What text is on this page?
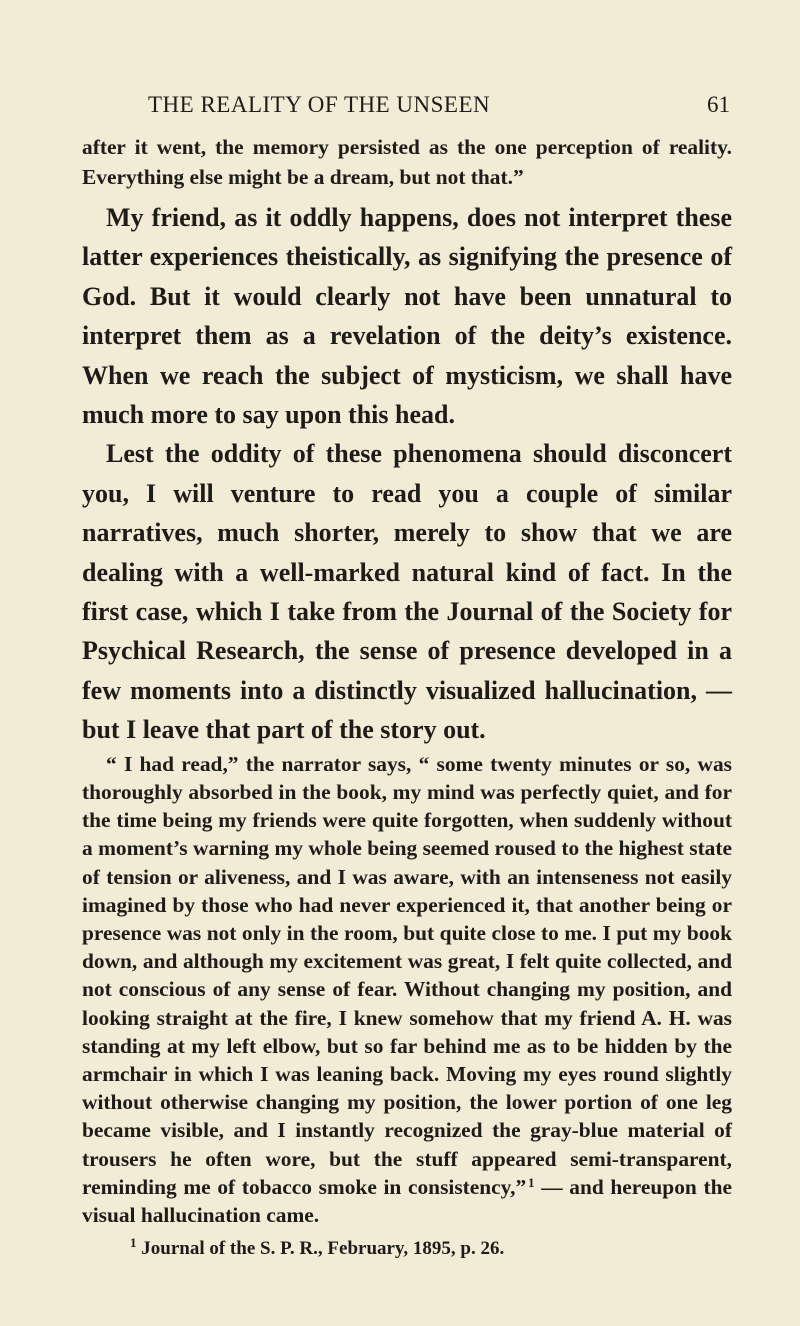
THE REALITY OF THE UNSEEN	61

after it went, the memory persisted as the one perception of reality. Everything else might be a dream, but not that.”

My friend, as it oddly happens, does not interpret these latter experiences theistically, as signifying the presence of God. But it would clearly not have been unnatural to interpret them as a revelation of the deity’s existence. When we reach the subject of mysticism, we shall have much more to say upon this head.

Lest the oddity of these phenomena should disconcert you, I will venture to read you a couple of similar narratives, much shorter, merely to show that we are dealing with a well-marked natural kind of fact. In the first case, which I take from the Journal of the Society for Psychical Research, the sense of presence developed in a few moments into a distinctly visualized hallucination, — but I leave that part of the story out.

“ I had read,” the narrator says, “ some twenty minutes or so, was thoroughly absorbed in the book, my mind was perfectly quiet, and for the time being my friends were quite forgotten, when suddenly without a moment’s warning my whole being seemed roused to the highest state of tension or aliveness, and I was aware, with an intenseness not easily imagined by those who had never experienced it, that another being or presence was not only in the room, but quite close to me. I put my book down, and although my excitement was great, I felt quite collected, and not conscious of any sense of fear. Without changing my position, and looking straight at the fire, I knew somehow that my friend A. H. was standing at my left elbow, but so far behind me as to be hidden by the armchair in which I was leaning back. Moving my eyes round slightly without otherwise changing my position, the lower portion of one leg became visible, and I instantly recognized the gray-blue material of trousers he often wore, but the stuff appeared semi-transparent, reminding me of tobacco smoke in consistency,”  $^1$ — and hereupon the visual hallucination came.

$^1$ Journal of the S. P. R., February, 1895, p. 26.
